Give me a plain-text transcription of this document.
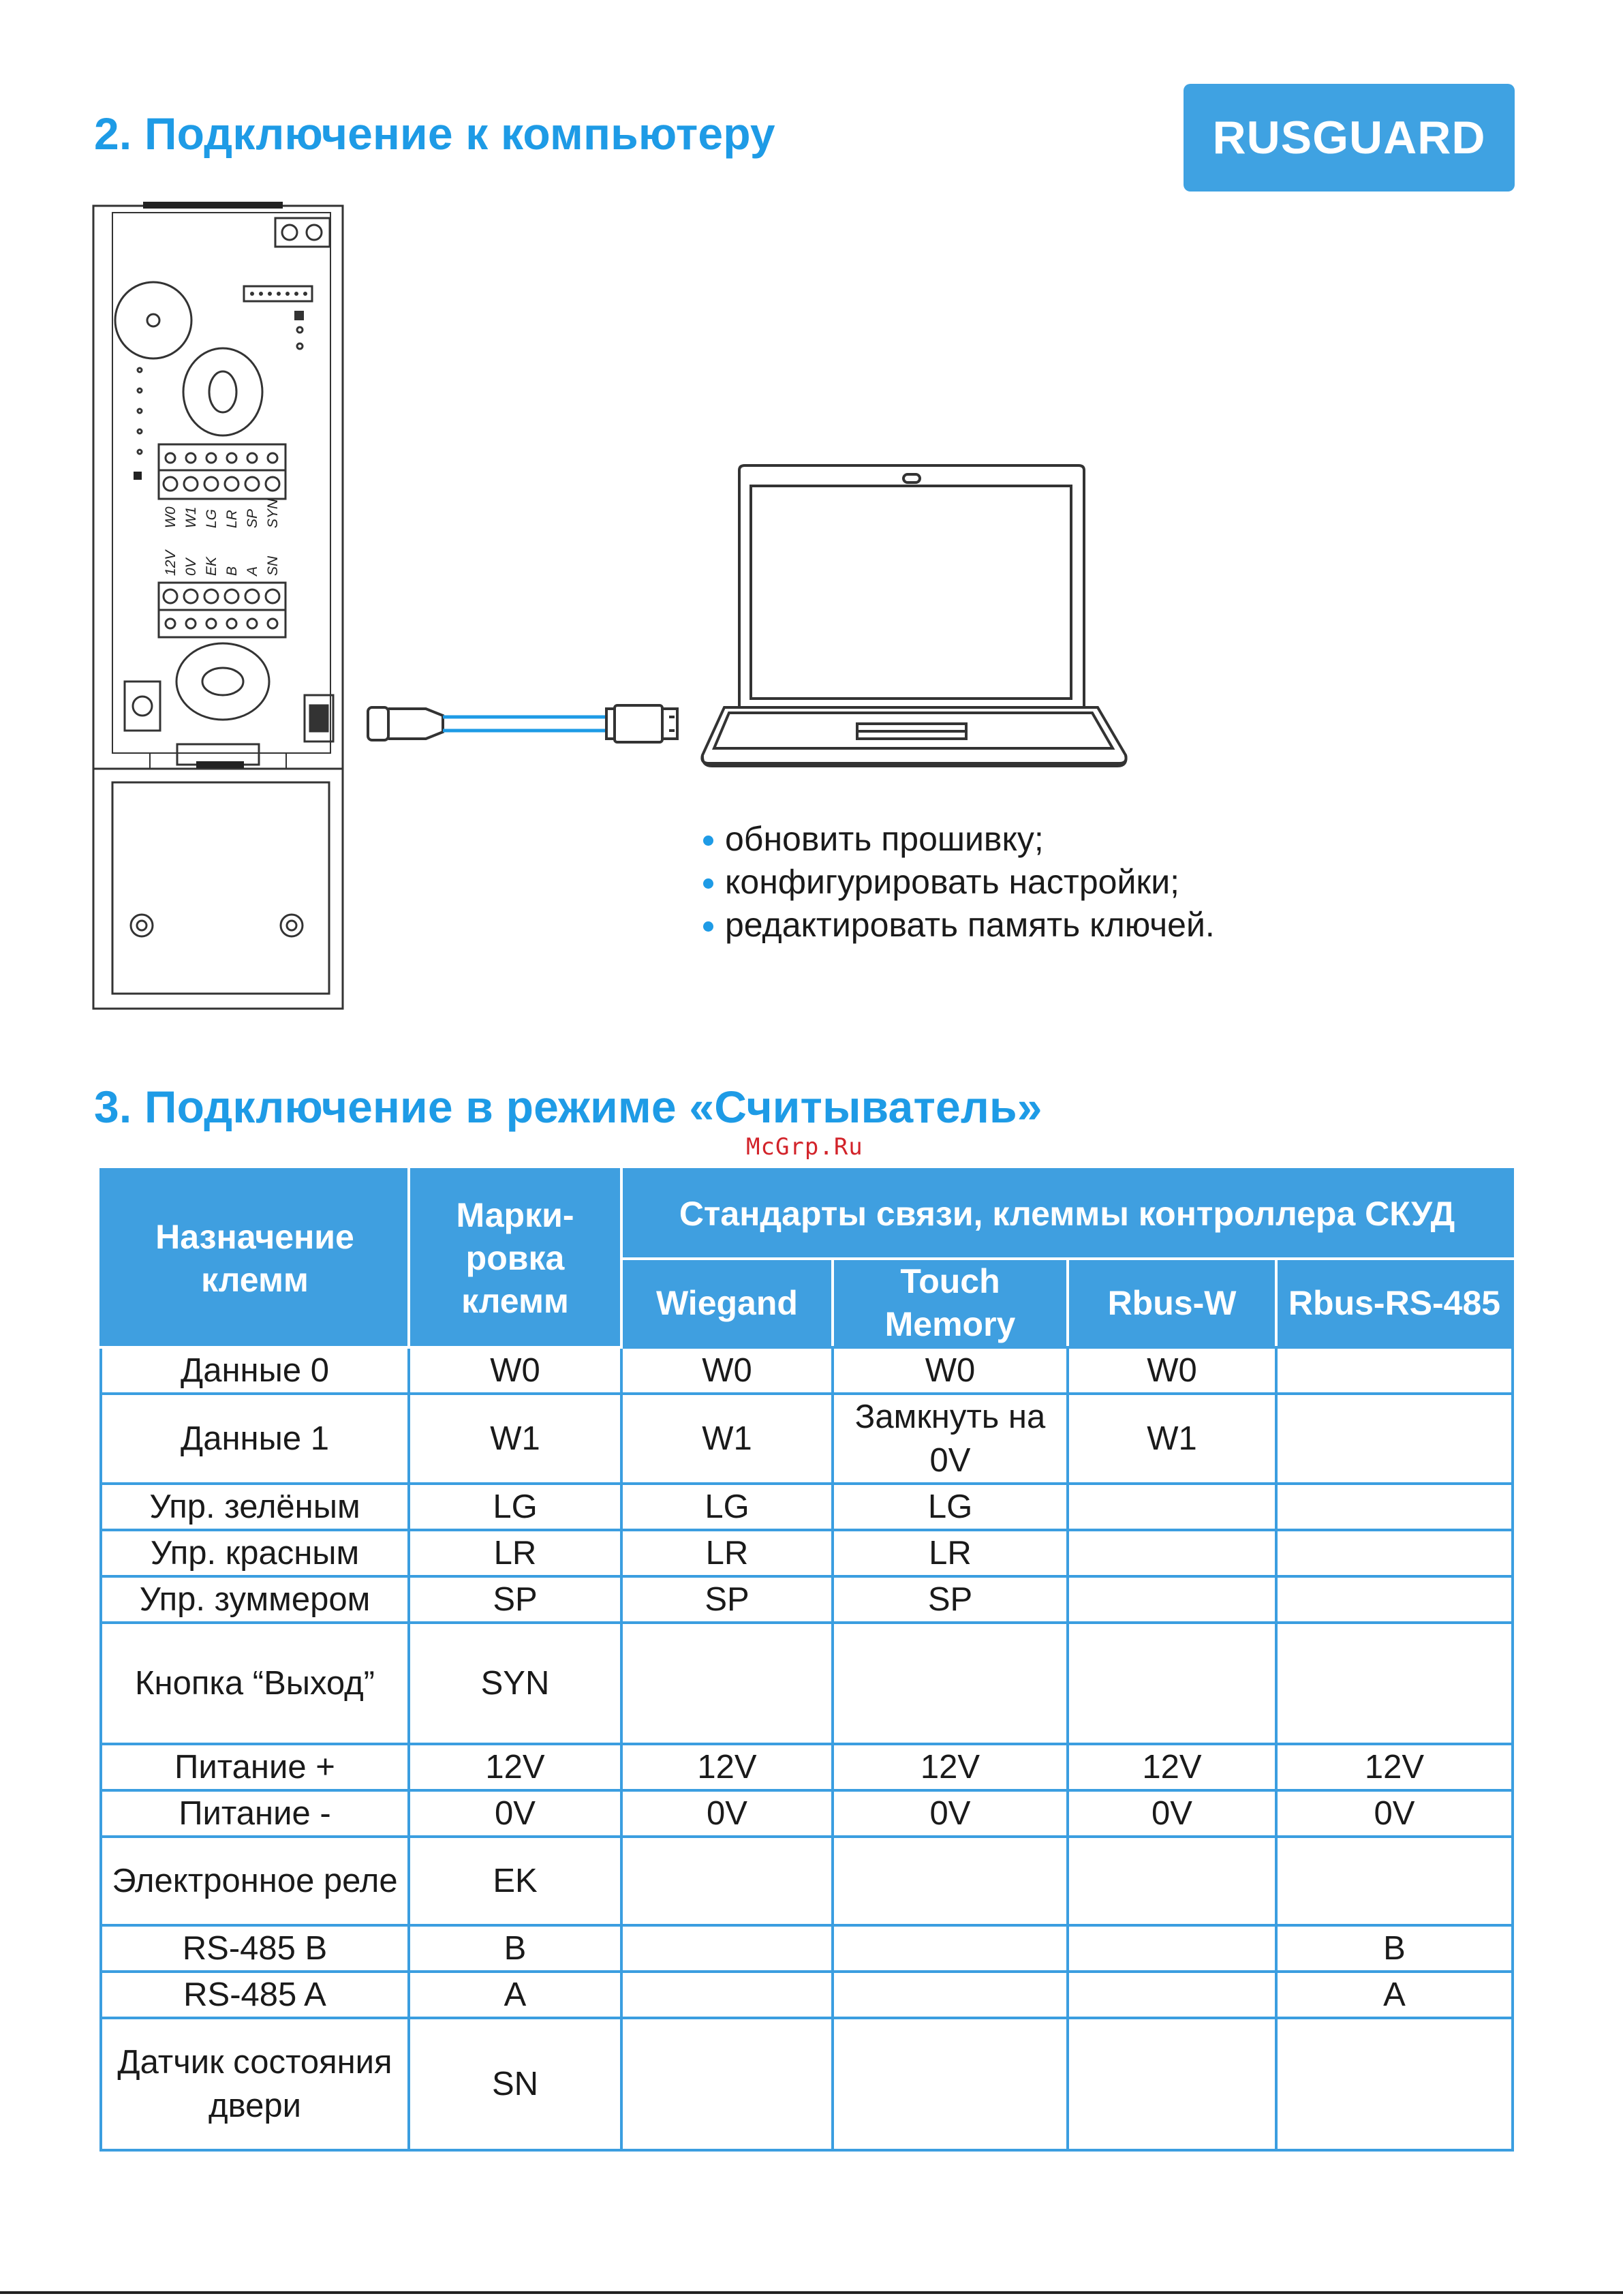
2. Подключение к компьютеру	RUSGUARD
W0 W1 LG LR SP SYN
12V 0V EK B A SN
обновить прошивку;
конфигурировать настройки;
редактировать память ключей.
3. Подключение в режиме «Считыватель»
McGrp.Ru
Назначение клемм	Марки-ровка клемм	Стандарты связи, клеммы контроллера СКУД			
		Wiegand	Touch Memory	Rbus-W	Rbus-RS-485
Данные 0	W0	W0	W0	W0	
Данные 1	W1	W1	Замкнуть на 0V	W1	
Упр. зелёным	LG	LG	LG		
Упр. красным	LR	LR	LR		
Упр. зуммером	SP	SP	SP		
Кнопка “Выход”	SYN				
Питание +	12V	12V	12V	12V	12V
Питание -	0V	0V	0V	0V	0V
Электронное реле	EK				
RS-485 B	B				B
RS-485 A	A				A
Датчик состояния двери	SN				
